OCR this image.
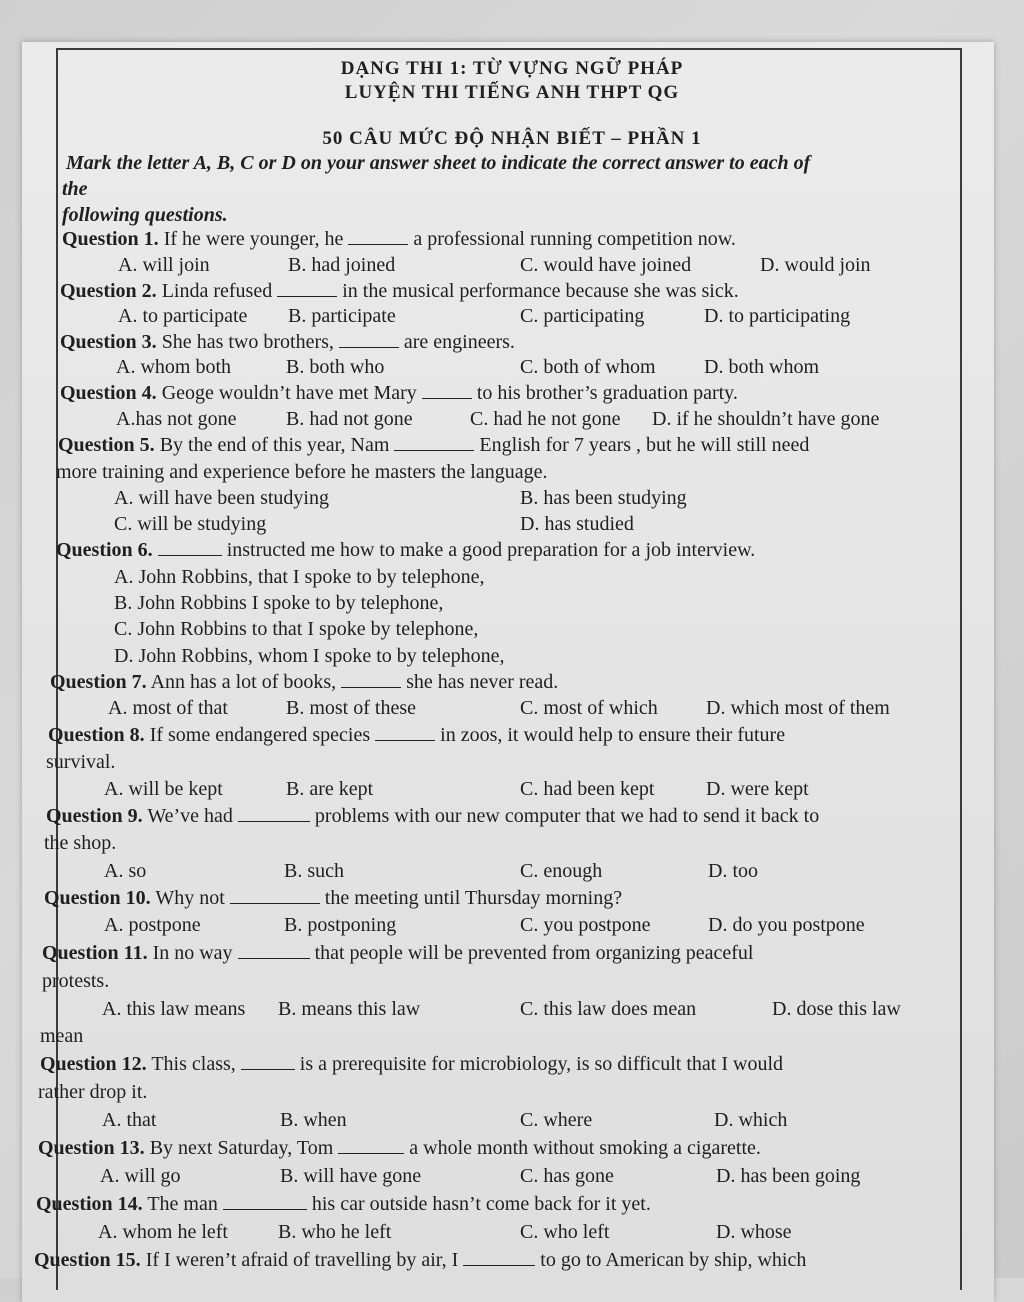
DẠNG THI 1: TỪ VỰNG NGỮ PHÁP
LUYỆN THI TIẾNG ANH THPT QG
50 CÂU MỨC ĐỘ NHẬN BIẾT – PHẦN 1
Mark the letter A, B, C or D on your answer sheet to indicate the correct answer to each of
the
following questions.
Question 1. If he were younger, he	a professional running competition now.
A. will join	B. had joined	C. would have joined	D. would join
Question 2. Linda refused	in the musical performance because she was sick.
A. to participate B. participate	C. participating	D. to participating
Question 3. She has two brothers,	are engineers.
A. whom both	B. both who	C. both of whom D. both whom
Question 4. Geoge wouldn’t have met Mary	to his brother’s graduation party.
A.has not gone B. had not gone	C. had he not gone D. if he shouldn’t have gone
Question 5. By the end of this year, Nam	English for 7 years , but he will still need
more training and experience before he masters the language.
A. will have been studying	B. has been studying
C. will be studying	D. has studied
Question 6.	instructed me how to make a good preparation for a job interview.
A. John Robbins, that I spoke to by telephone,
B. John Robbins I spoke to by telephone,
C. John Robbins to that I spoke by telephone,
D. John Robbins, whom I spoke to by telephone,
Question 7. Ann has a lot of books,	she has never read.
A. most of that	B. most of these	C. most of which D. which most of them
Question 8. If some endangered species	in zoos, it would help to ensure their future
survival.
A. will be kept	B. are kept	C. had been kept	D. were kept
Question 9. We’ve had	problems with our new computer that we had to send it back to
the shop.
A. so	B. such	C. enough	D. too
Question 10. Why not	the meeting until Thursday morning?
A. postpone	B. postponing	C. you postpone	D. do you postpone
Question 11. In no way	that people will be prevented from organizing peaceful
protests.
A. this law means B. means this law	C. this law does mean	D. dose this law
mean
Question 12. This class,	is a prerequisite for microbiology, is so difficult that I would
rather drop it.
A. that	B. when	C. where	D. which
Question 13. By next Saturday, Tom	a whole month without smoking a cigarette.
A. will go	B. will have gone	C. has gone	D. has been going
Question 14. The man	his car outside hasn’t come back for it yet.
A. whom he left	B. who he left	C. who left	D. whose
Question 15. If I weren’t afraid of travelling by air, I	to go to American by ship, which
